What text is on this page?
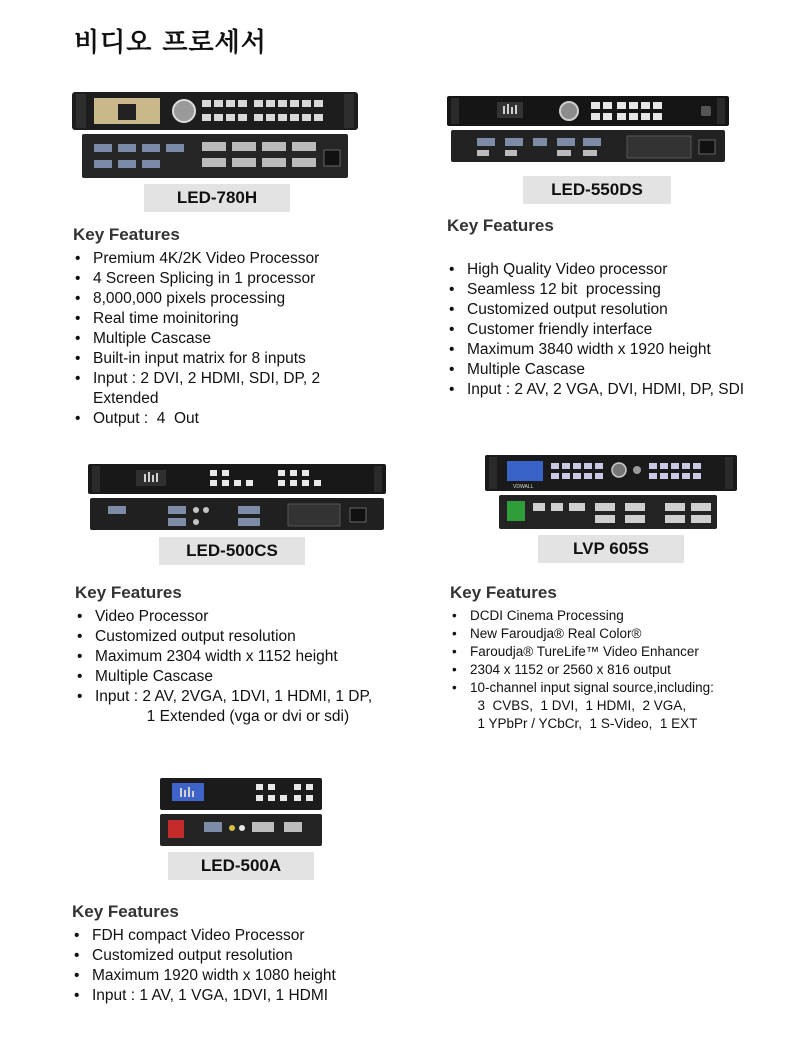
비디오 프로세서
LED-780H
Key Features
• Premium 4K/2K Video Processor
• 4 Screen Splicing in 1 processor
• 8,000,000 pixels processing
• Real time moinitoring
• Multiple Cascase
• Built-in input matrix for 8 inputs
• Input : 2 DVI, 2 HDMI, SDI, DP, 2
Extended
• Output :  4  Out
LED-550DS
Key Features
• High Quality Video processor
• Seamless 12 bit  processing
• Customized output resolution
• Customer friendly interface
• Maximum 3840 width x 1920 height
• Multiple Cascase
• Input : 2 AV, 2 VGA, DVI, HDMI, DP, SDI
LED-500CS
Key Features
• Video Processor
• Customized output resolution
• Maximum 2304 width x 1152 height
• Multiple Cascase
• Input : 2 AV, 2VGA, 1DVI, 1 HDMI, 1 DP,
1 Extended (vga or dvi or sdi)
VDWALL
LVP 605S
Key Features
• DCDI Cinema Processing
• New Faroudja® Real Color®
• Faroudja® TureLife™ Video Enhancer
• 2304 x 1152 or 2560 x 816 output
• 10-channel input signal source,including:
3  CVBS,  1 DVI,  1 HDMI,  2 VGA,
1 YPbPr / YCbCr,  1 S-Video,  1 EXT
LED-500A
Key Features
• FDH compact Video Processor
• Customized output resolution
• Maximum 1920 width x 1080 height
• Input : 1 AV, 1 VGA, 1DVI, 1 HDMI
